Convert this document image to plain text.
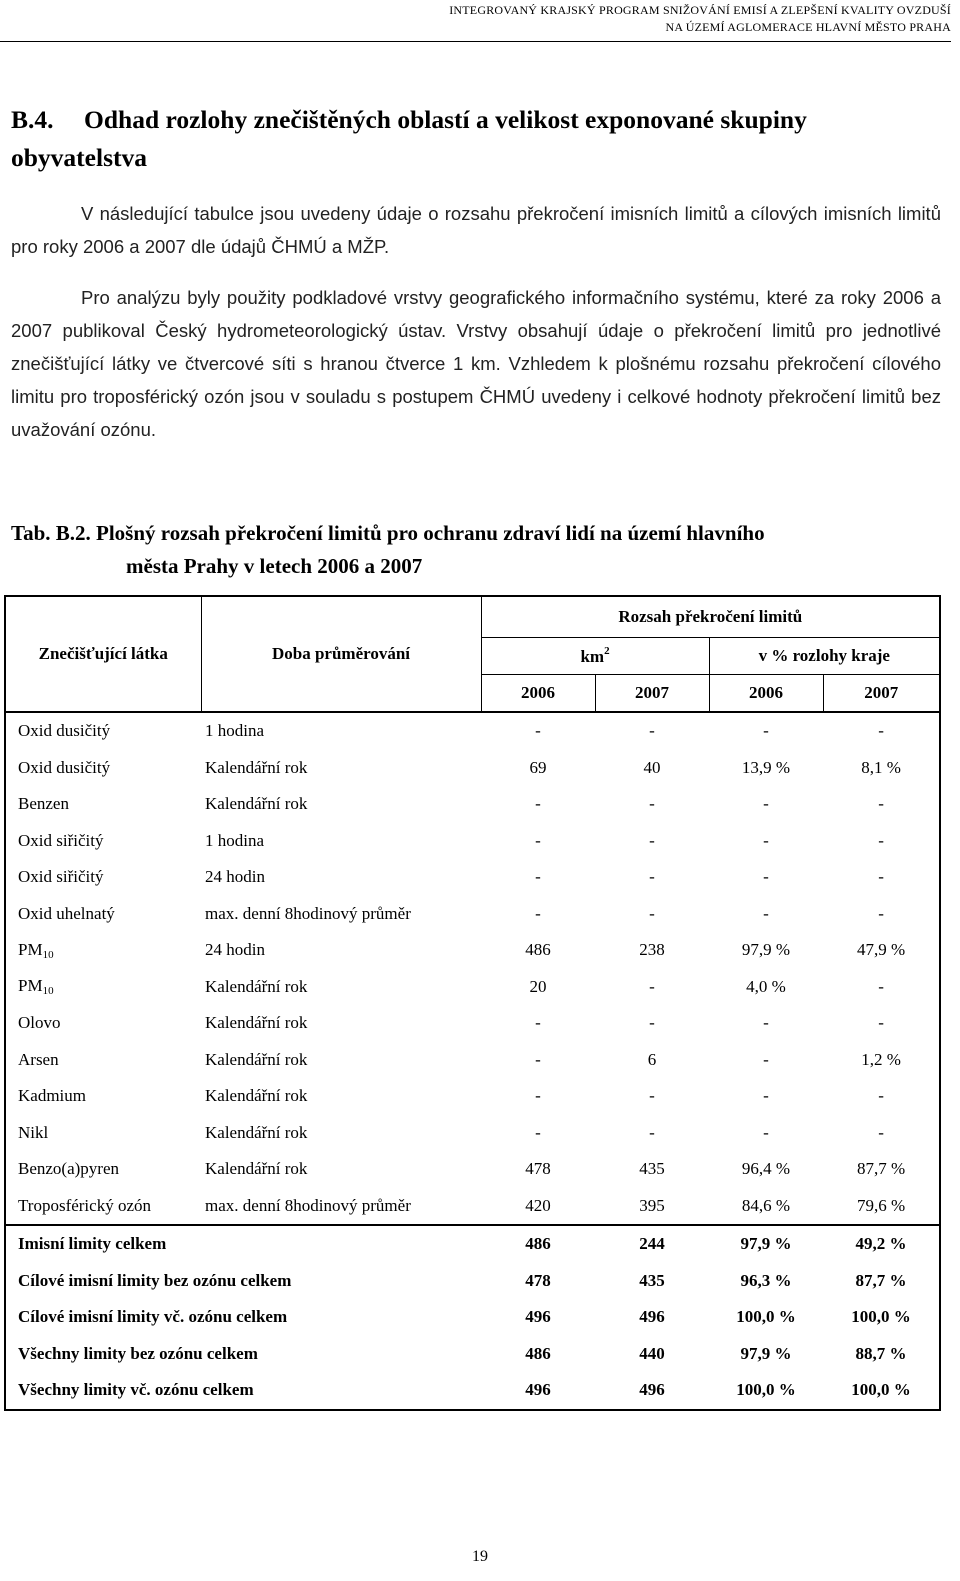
INTEGROVANÝ KRAJSKÝ PROGRAM SNIŽOVÁNÍ EMISÍ A ZLEPŠENÍ KVALITY OVZDUŠÍ
NA ÚZEMÍ AGLOMERACE HLAVNÍ MĚSTO PRAHA
B.4. Odhad rozlohy znečištěných oblastí a velikost exponované skupiny
obyvatelstva
V následující tabulce jsou uvedeny údaje o rozsahu překročení imisních limitů a cílových imisních limitů pro roky 2006 a 2007 dle údajů ČHMÚ a MŽP.
Pro analýzu byly použity podkladové vrstvy geografického informačního systému, které za roky 2006 a 2007 publikoval Český hydrometeorologický ústav. Vrstvy obsahují údaje o překročení limitů pro jednotlivé znečišťující látky ve čtvercové síti s hranou čtverce 1 km. Vzhledem k plošnému rozsahu překročení cílového limitu pro troposférický ozón jsou v souladu s postupem ČHMÚ uvedeny i celkové hodnoty překročení limitů bez uvažování ozónu.
Tab. B.2. Plošný rozsah překročení limitů pro ochranu zdraví lidí na území hlavního
města Prahy v letech 2006 a 2007
Znečišťující látka	Doba průměrování	Rozsah překročení limitů			
		$km^2$		v % rozlohy kraje	
		2006	2007	2006	2007
Oxid dusičitý	1 hodina	-	-	-	-
Oxid dusičitý	Kalendářní rok	69	40	13,9 %	8,1 %
Benzen	Kalendářní rok	-	-	-	-
Oxid siřičitý	1 hodina	-	-	-	-
Oxid siřičitý	24 hodin	-	-	-	-
Oxid uhelnatý	max. denní 8hodinový průměr	-	-	-	-
$PM_{10}$	24 hodin	486	238	97,9 %	47,9 %
$PM_{10}$	Kalendářní rok	20	-	4,0 %	-
Olovo	Kalendářní rok	-	-	-	-
Arsen	Kalendářní rok	-	6	-	1,2 %
Kadmium	Kalendářní rok	-	-	-	-
Nikl	Kalendářní rok	-	-	-	-
Benzo(a)pyren	Kalendářní rok	478	435	96,4 %	87,7 %
Troposférický ozón	max. denní 8hodinový průměr	420	395	84,6 %	79,6 %
Imisní limity celkem		486	244	97,9 %	49,2 %
Cílové imisní limity bez ozónu celkem		478	435	96,3 %	87,7 %
Cílové imisní limity vč. ozónu celkem		496	496	100,0 %	100,0 %
Všechny limity bez ozónu celkem		486	440	97,9 %	88,7 %
Všechny limity vč. ozónu celkem		496	496	100,0 %	100,0 %
19
